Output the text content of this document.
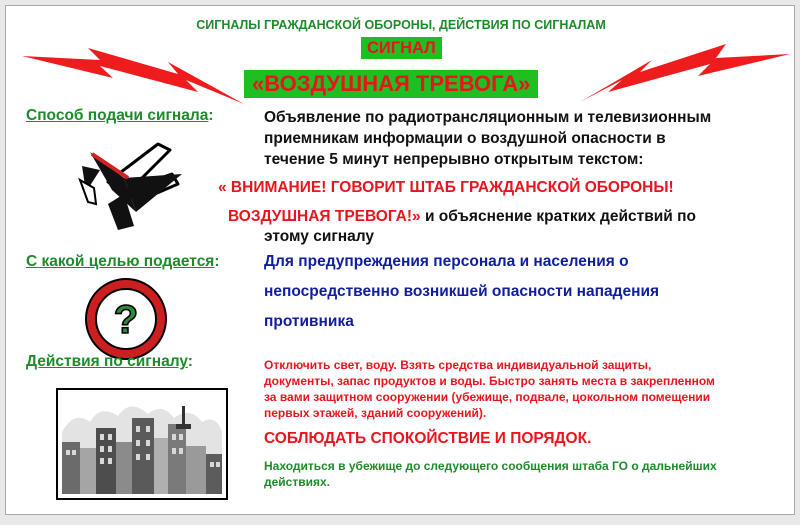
СИГНАЛЫ ГРАЖДАНСКОЙ ОБОРОНЫ, ДЕЙСТВИЯ ПО СИГНАЛАМ
СИГНАЛ
«ВОЗДУШНАЯ ТРЕВОГА»
Способ подачи сигнала:	Объявление по радиотрансляционным и телевизионным
приемникам информации о воздушной опасности в
течение 5 минут непрерывно открытым текстом:
« ВНИМАНИЕ! ГОВОРИТ ШТАБ ГРАЖДАНСКОЙ ОБОРОНЫ!
ВОЗДУШНАЯ ТРЕВОГА!» и объяснение кратких действий по
этому сигналу
С какой целью подается:	Для предупреждения персонала и населения о
непосредственно возникшей опасности нападения
противника
?
Действия по сигналу:	Отключить свет, воду. Взять средства индивидуальной защиты,
документы, запас продуктов и воды. Быстро занять места в закрепленном
за вами защитном сооружении (убежище, подвале, цокольном помещении
первых этажей, зданий сооружений).
СОБЛЮДАТЬ СПОКОЙСТВИЕ И ПОРЯДОК.
Находиться в убежище до следующего сообщения штаба ГО о дальнейших
действиях.
